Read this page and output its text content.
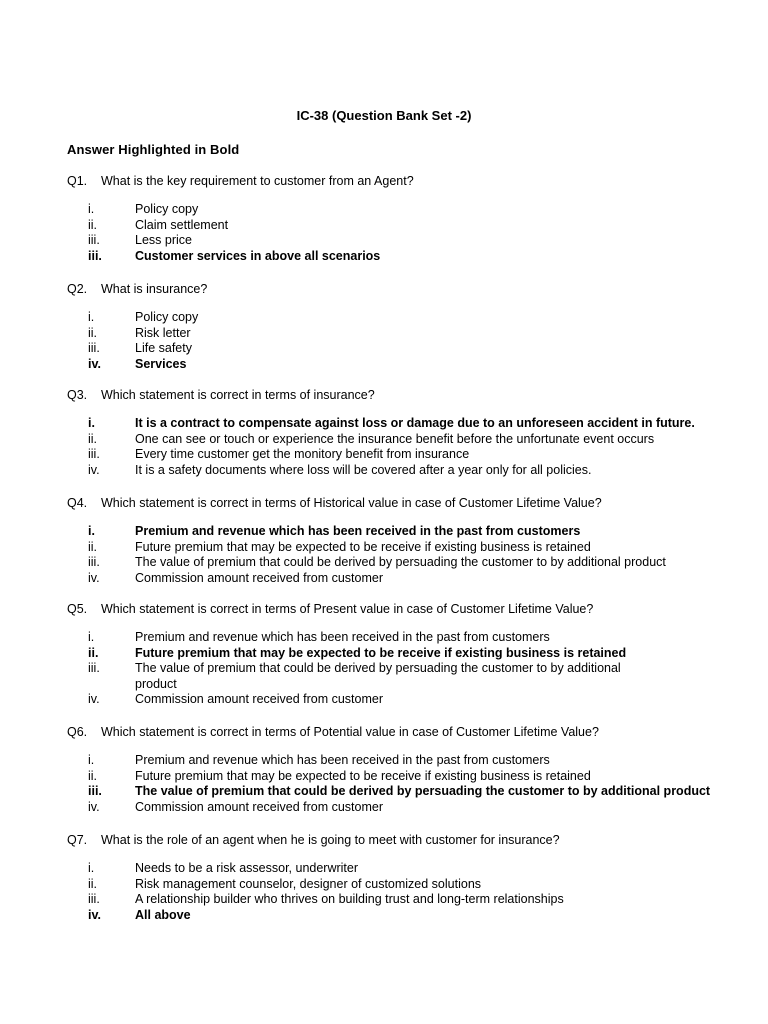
IC-38 (Question Bank Set -2)
Answer Highlighted in Bold
Q1. What is the key requirement to customer from an Agent?
i.	Policy copy
ii.	Claim settlement
iii.	Less price
iii.	Customer services in above all scenarios
Q2. What is insurance?
i.	Policy copy
ii.	Risk letter
iii.	Life safety
iv.	Services
Q3. Which statement is correct in terms of insurance?
i.	It is a contract to compensate against loss or damage due to an unforeseen accident in future.
ii.	One can see or touch or experience the insurance benefit before the unfortunate event occurs
iii.	Every time customer get the monitory benefit from insurance
iv.	It is a safety documents where loss will be covered after a year only for all policies.
Q4. Which statement is correct in terms of Historical value in case of Customer Lifetime Value?
i.	Premium and revenue which has been received in the past from customers
ii.	Future premium that may be expected to be receive if existing business is retained
iii.	The value of premium that could be derived by persuading the customer to by additional product
iv.	Commission amount received from customer
Q5. Which statement is correct in terms of Present value in case of Customer Lifetime Value?
i.	Premium and revenue which has been received in the past from customers
ii.	Future premium that may be expected to be receive if existing business is retained
iii.	The value of premium that could be derived by persuading the customer to by additional
product
iv.	Commission amount received from customer
Q6. Which statement is correct in terms of Potential value in case of Customer Lifetime Value?
i.	Premium and revenue which has been received in the past from customers
ii.	Future premium that may be expected to be receive if existing business is retained
iii.	The value of premium that could be derived by persuading the customer to by additional product
iv.	Commission amount received from customer
Q7. What is the role of an agent when he is going to meet with customer for insurance?
i.	Needs to be a risk assessor, underwriter
ii.	Risk management counselor, designer of customized solutions
iii.	A relationship builder who thrives on building trust and long-term relationships
iv.	All above
